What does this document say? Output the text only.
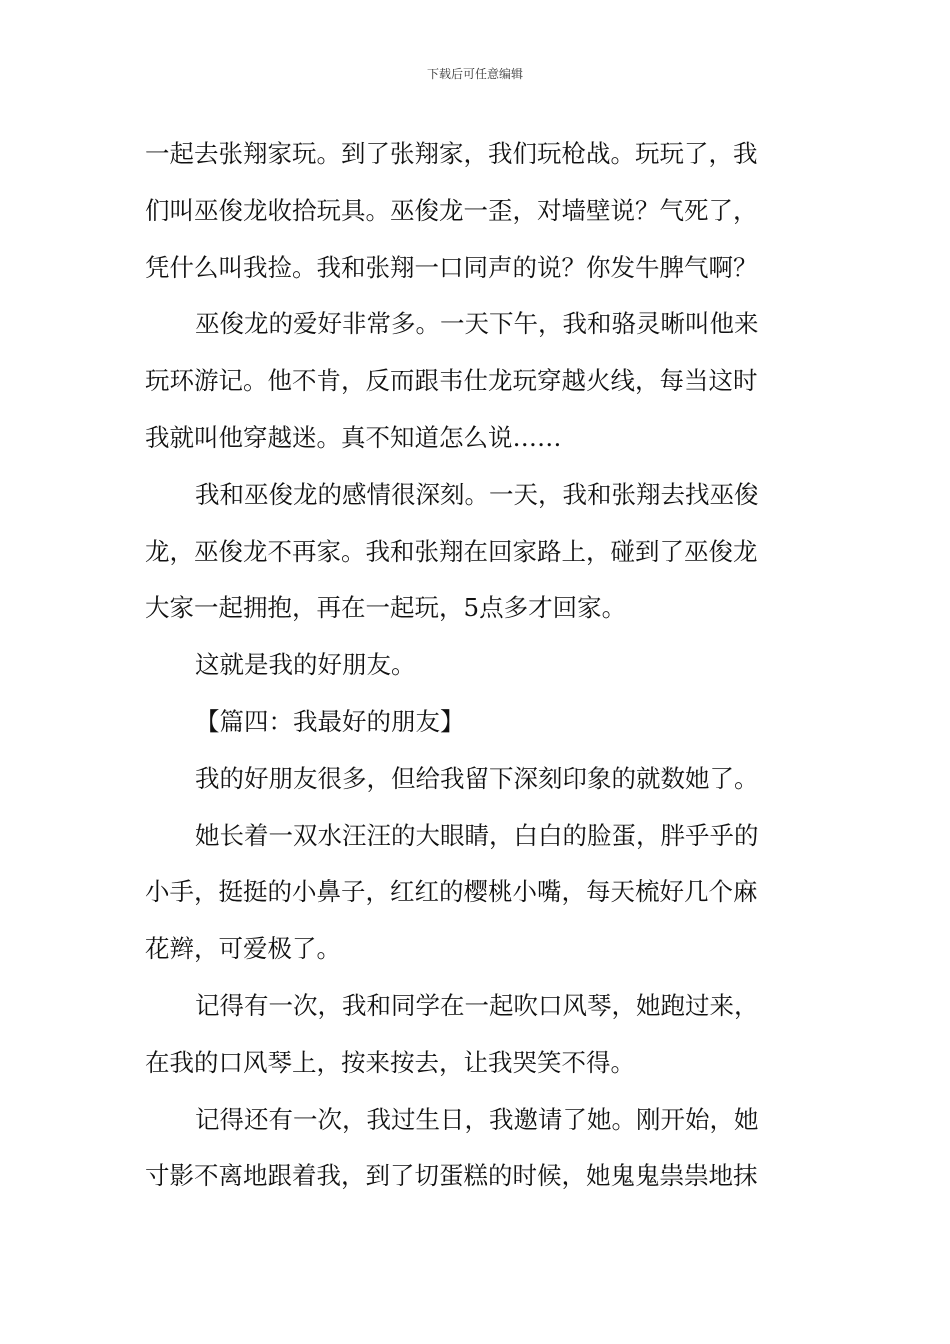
下载后可任意编辑
一起去张翔家玩。到了张翔家，我们玩枪战。玩玩了，我
们叫巫俊龙收拾玩具。巫俊龙一歪，对墙壁说？气死了，
凭什么叫我捡。我和张翔一口同声的说？你发牛脾气啊？
巫俊龙的爱好非常多。一天下午，我和骆灵晰叫他来
玩环游记。他不肯，反而跟韦仕龙玩穿越火线，每当这时
我就叫他穿越迷。真不知道怎么说……
我和巫俊龙的感情很深刻。一天，我和张翔去找巫俊
龙，巫俊龙不再家。我和张翔在回家路上，碰到了巫俊龙
大家一起拥抱，再在一起玩，5点多才回家。
这就是我的好朋友。
【篇四：我最好的朋友】
我的好朋友很多，但给我留下深刻印象的就数她了。
她长着一双水汪汪的大眼睛，白白的脸蛋，胖乎乎的
小手，挺挺的小鼻子，红红的樱桃小嘴，每天梳好几个麻
花辫，可爱极了。
记得有一次，我和同学在一起吹口风琴，她跑过来，
在我的口风琴上，按来按去，让我哭笑不得。
记得还有一次，我过生日，我邀请了她。刚开始，她
寸影不离地跟着我，到了切蛋糕的时候，她鬼鬼祟祟地抹
